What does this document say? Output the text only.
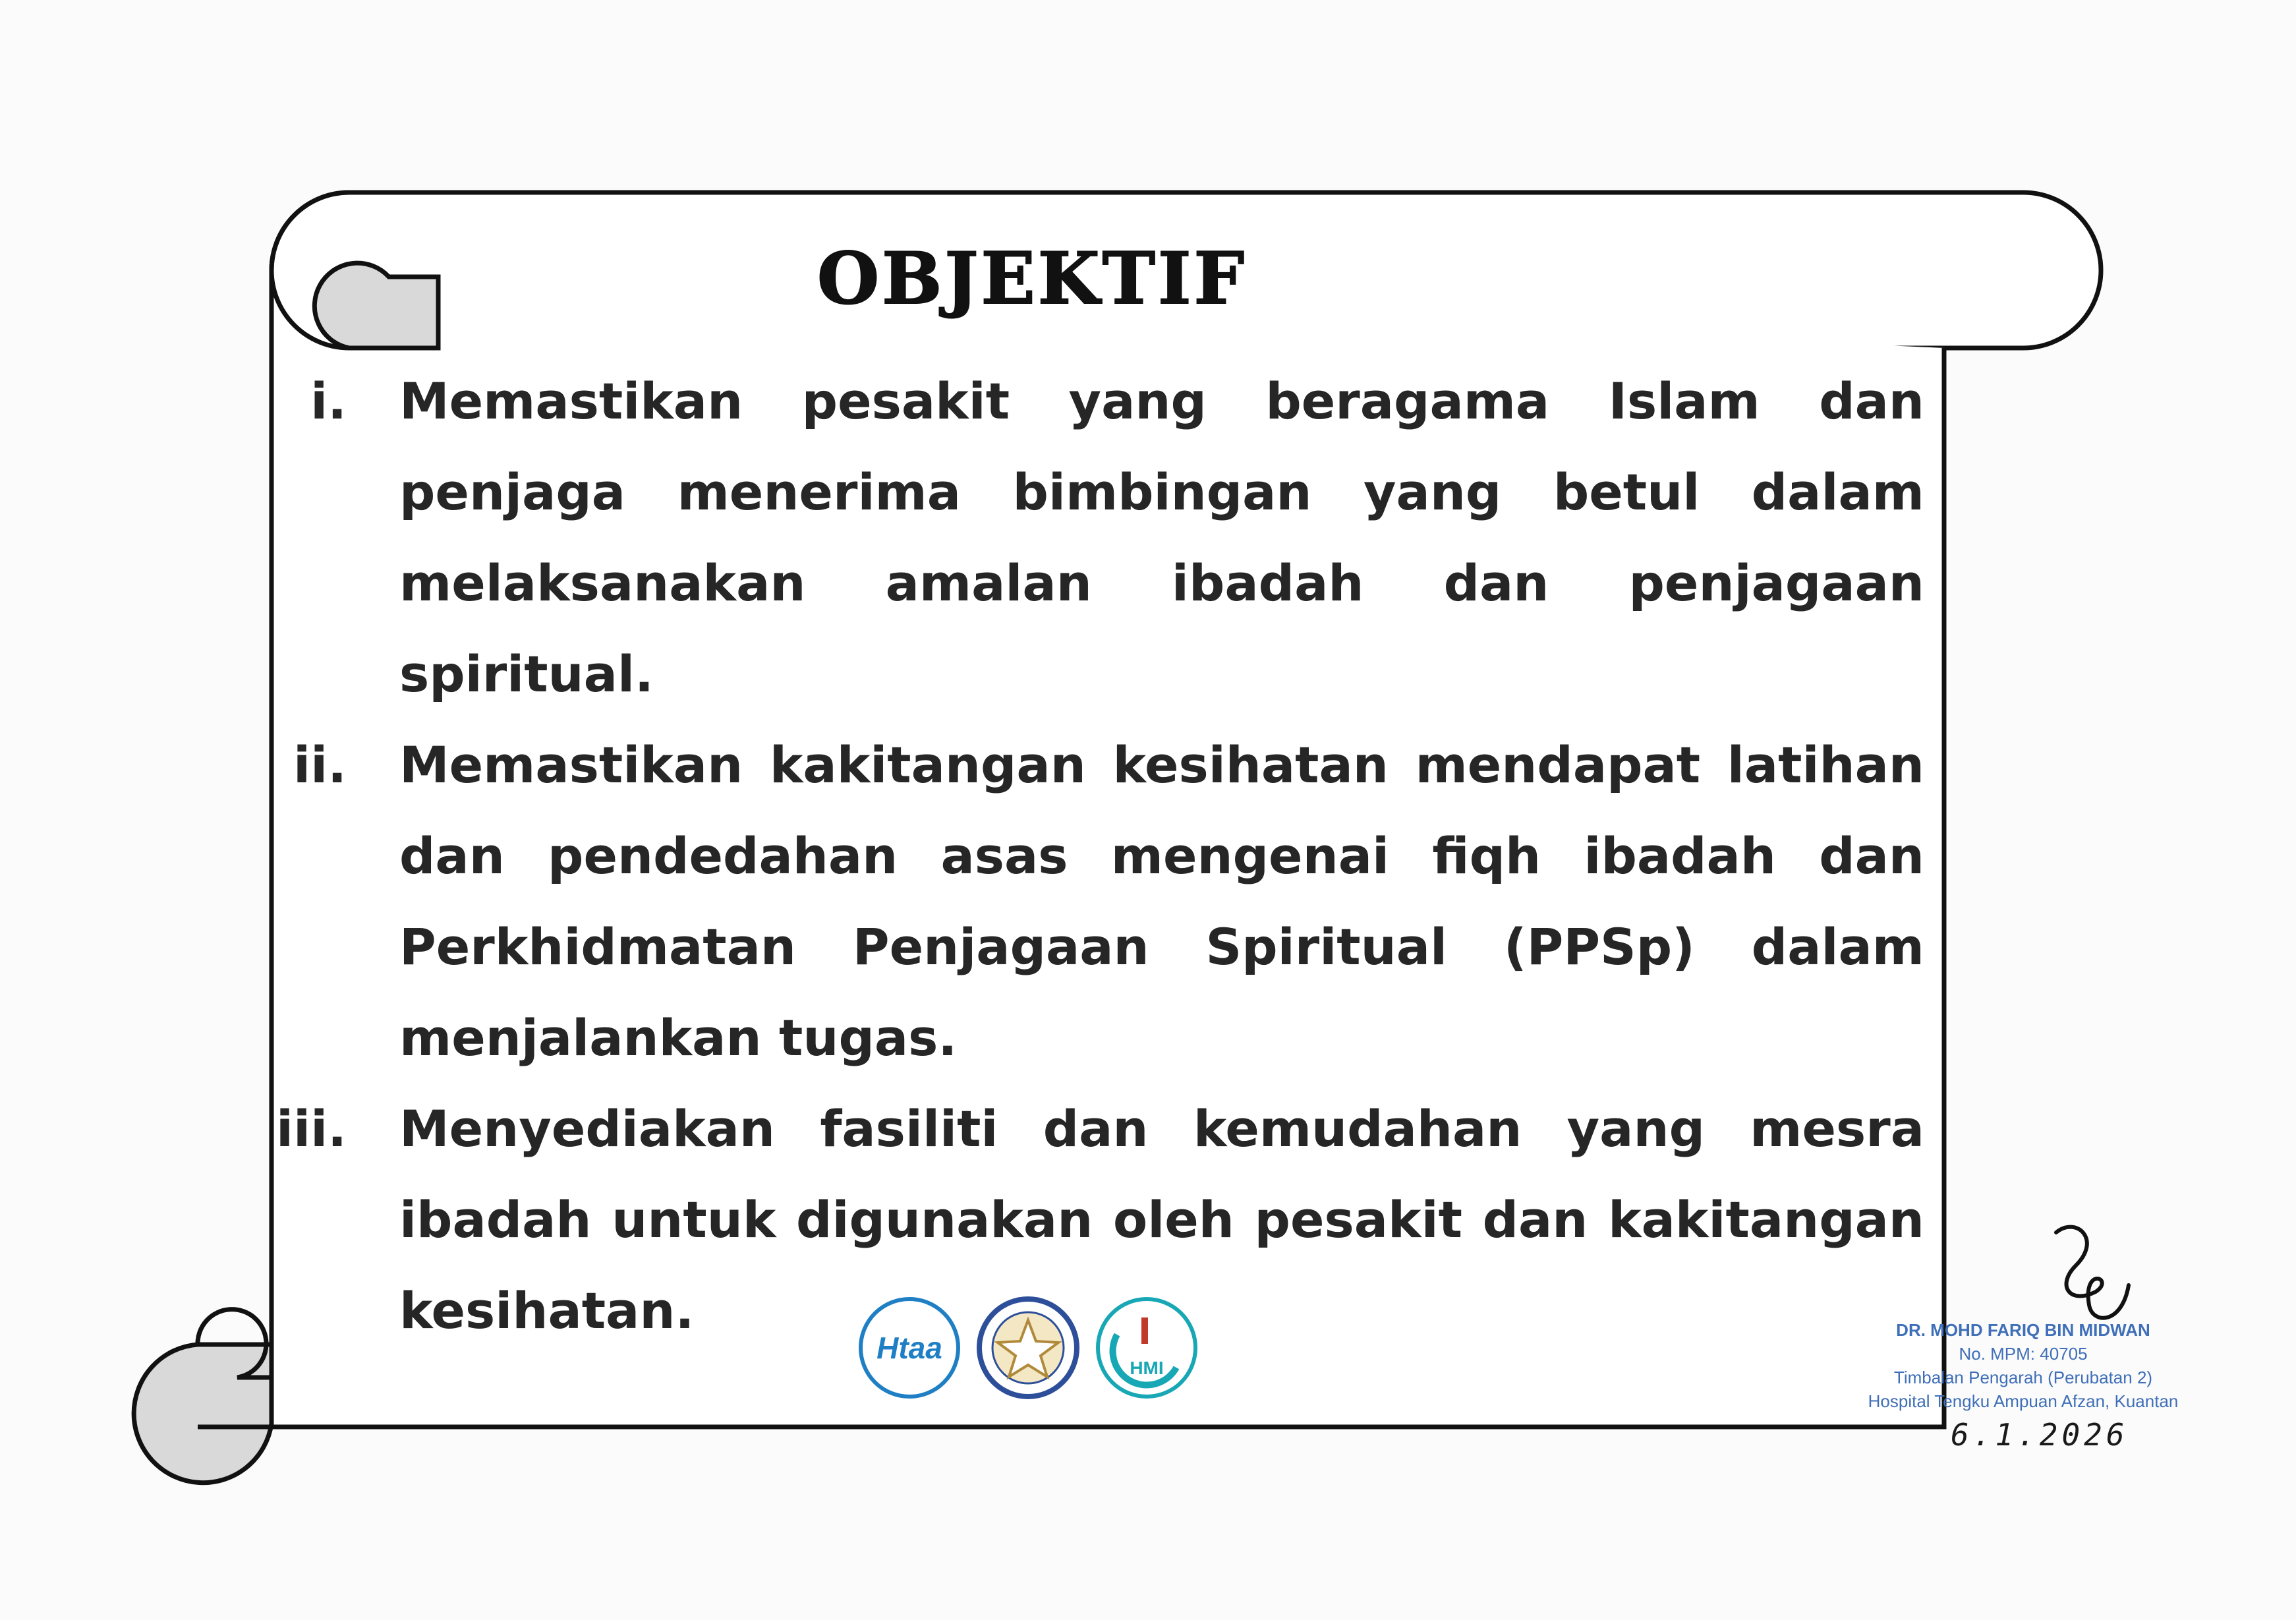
OBJEKTIF
i. Memastikan pesakit yang beragama Islam dan penjaga menerima bimbingan yang betul dalam melaksanakan amalan ibadah dan penjagaan spiritual.
ii. Memastikan kakitangan kesihatan mendapat latihan dan pendedahan asas mengenai fiqh ibadah dan Perkhidmatan Penjagaan Spiritual (PPSp) dalam menjalankan tugas.
iii. Menyediakan fasiliti dan kemudahan yang mesra ibadah untuk digunakan oleh pesakit dan kakitangan kesihatan.
Htaa
HMI
DR. MOHD FARIQ BIN MIDWAN
No. MPM: 40705
Timbalan Pengarah (Perubatan 2)
Hospital Tengku Ampuan Afzan, Kuantan
6.1.2026
